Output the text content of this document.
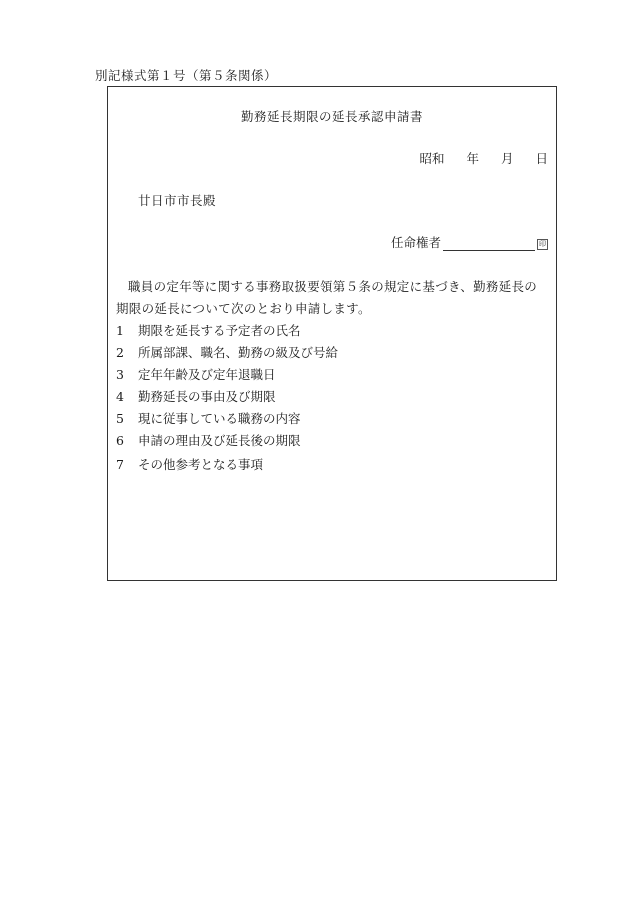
別記様式第１号（第５条関係）
勤務延長期限の延長承認申請書
昭和 年 月 日
廿日市市長殿
任命権者	印
職員の定年等に関する事務取扱要領第５条の規定に基づき、勤務延長の期限の延長について次のとおり申請します。
1	期限を延長する予定者の氏名
2	所属部課、職名、勤務の級及び号給
3	定年年齢及び定年退職日
4	勤務延長の事由及び期限
5	現に従事している職務の内容
6	申請の理由及び延長後の期限
7	その他参考となる事項
